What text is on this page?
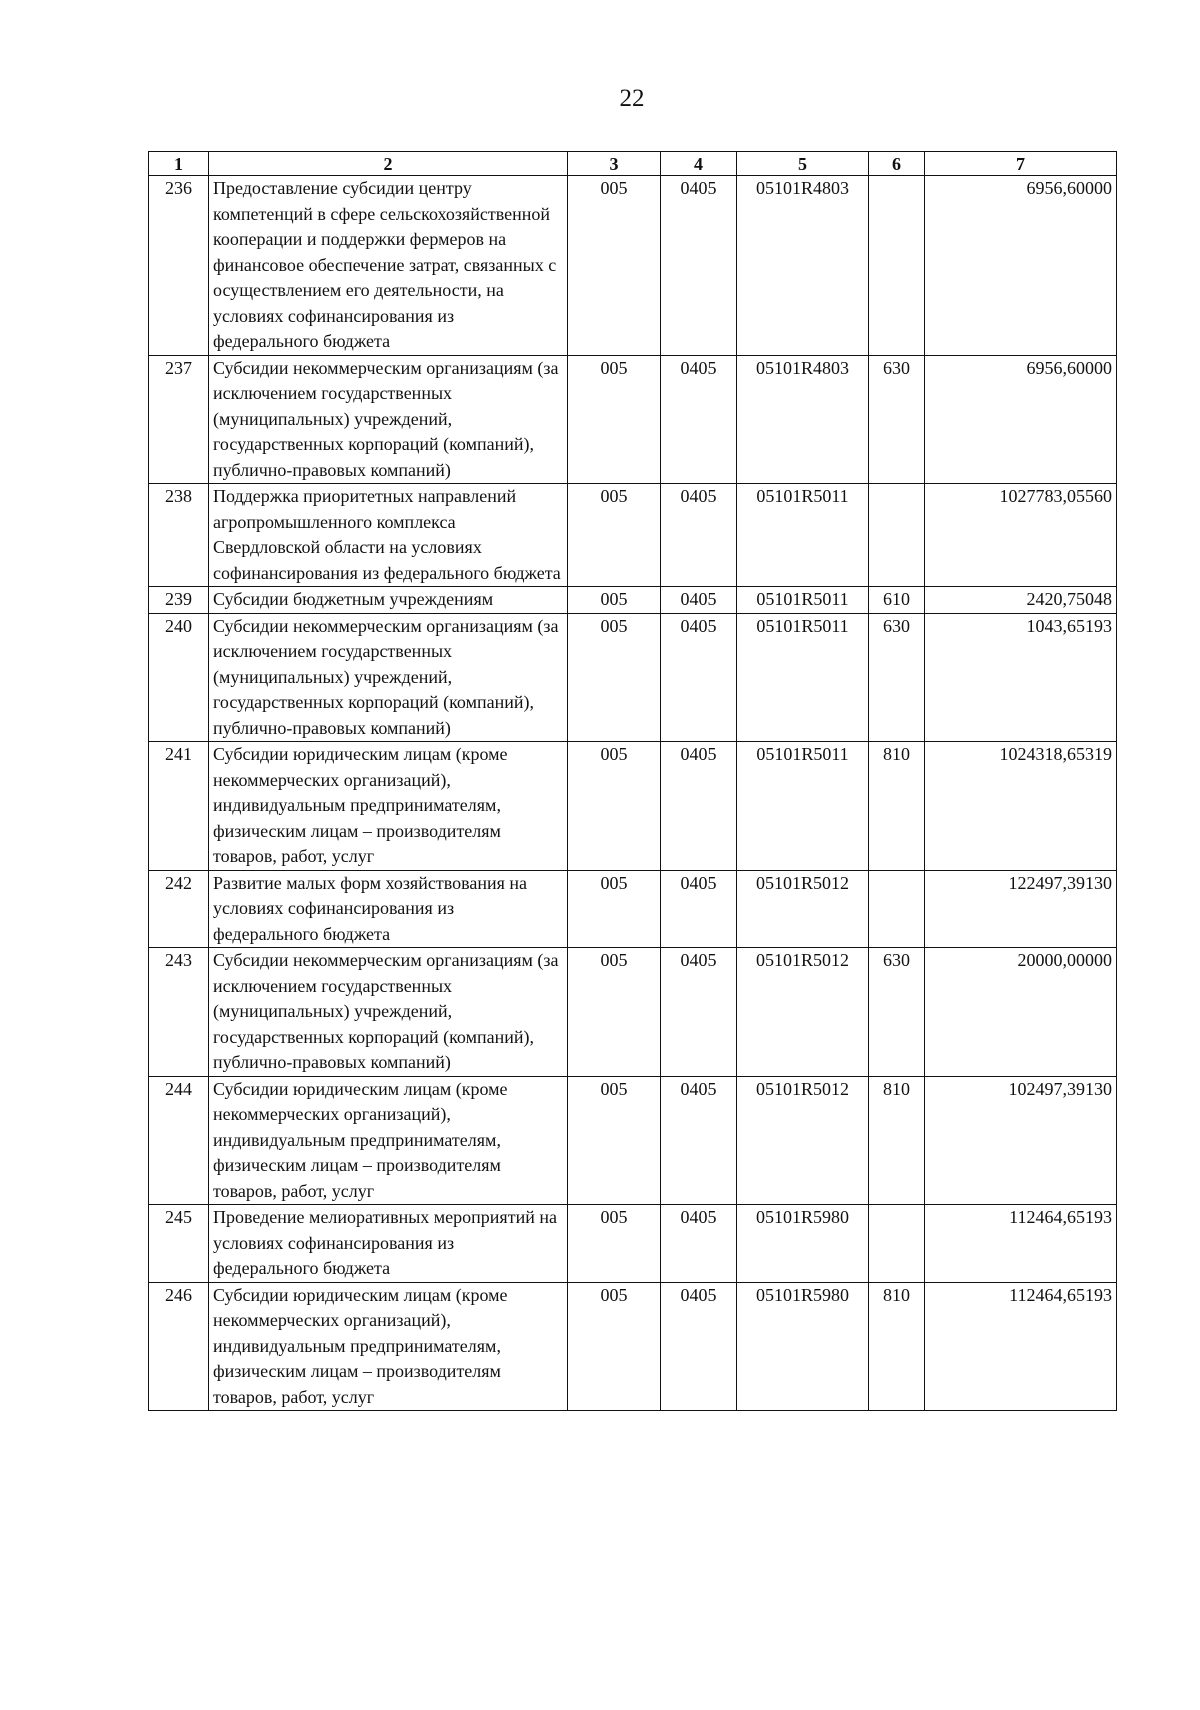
22
1	2	3	4	5	6	7
236	Предоставление субсидии центру компетенций в сфере сельскохозяйственной кооперации и поддержки фермеров на финансовое обеспечение затрат, связанных с осуществлением его деятельности, на условиях софинансирования из федерального бюджета	005	0405	05101R4803		6956,60000
237	Субсидии некоммерческим организациям (за исключением государственных (муниципальных) учреждений, государственных корпораций (компаний), публично-правовых компаний)	005	0405	05101R4803	630	6956,60000
238	Поддержка приоритетных направлений агропромышленного комплекса Свердловской области на условиях софинансирования из федерального бюджета	005	0405	05101R5011		1027783,05560
239	Субсидии бюджетным учреждениям	005	0405	05101R5011	610	2420,75048
240	Субсидии некоммерческим организациям (за исключением государственных (муниципальных) учреждений, государственных корпораций (компаний), публично-правовых компаний)	005	0405	05101R5011	630	1043,65193
241	Субсидии юридическим лицам (кроме некоммерческих организаций), индивидуальным предпринимателям, физическим лицам – производителям товаров, работ, услуг	005	0405	05101R5011	810	1024318,65319
242	Развитие малых форм хозяйствования на условиях софинансирования из федерального бюджета	005	0405	05101R5012		122497,39130
243	Субсидии некоммерческим организациям (за исключением государственных (муниципальных) учреждений, государственных корпораций (компаний), публично-правовых компаний)	005	0405	05101R5012	630	20000,00000
244	Субсидии юридическим лицам (кроме некоммерческих организаций), индивидуальным предпринимателям, физическим лицам – производителям товаров, работ, услуг	005	0405	05101R5012	810	102497,39130
245	Проведение мелиоративных мероприятий на условиях софинансирования из федерального бюджета	005	0405	05101R5980		112464,65193
246	Субсидии юридическим лицам (кроме некоммерческих организаций), индивидуальным предпринимателям, физическим лицам – производителям товаров, работ, услуг	005	0405	05101R5980	810	112464,65193
